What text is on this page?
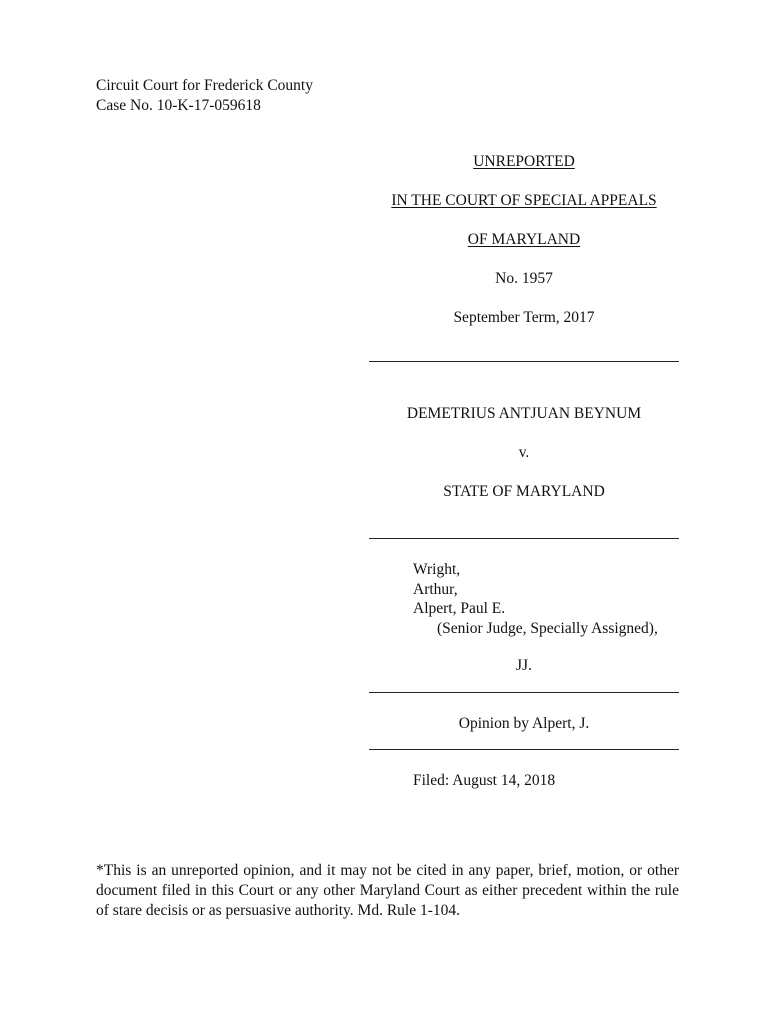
Circuit Court for Frederick County
Case No. 10-K-17-059618
UNREPORTED
IN THE COURT OF SPECIAL APPEALS
OF MARYLAND
No. 1957
September Term, 2017
DEMETRIUS ANTJUAN BEYNUM
v.
STATE OF MARYLAND
Wright,
Arthur,
Alpert, Paul E.
(Senior Judge, Specially Assigned),
JJ.
Opinion by Alpert, J.
Filed: August 14, 2018
*This is an unreported opinion, and it may not be cited in any paper, brief, motion, or other document filed in this Court or any other Maryland Court as either precedent within the rule of stare decisis or as persuasive authority. Md. Rule 1-104.
